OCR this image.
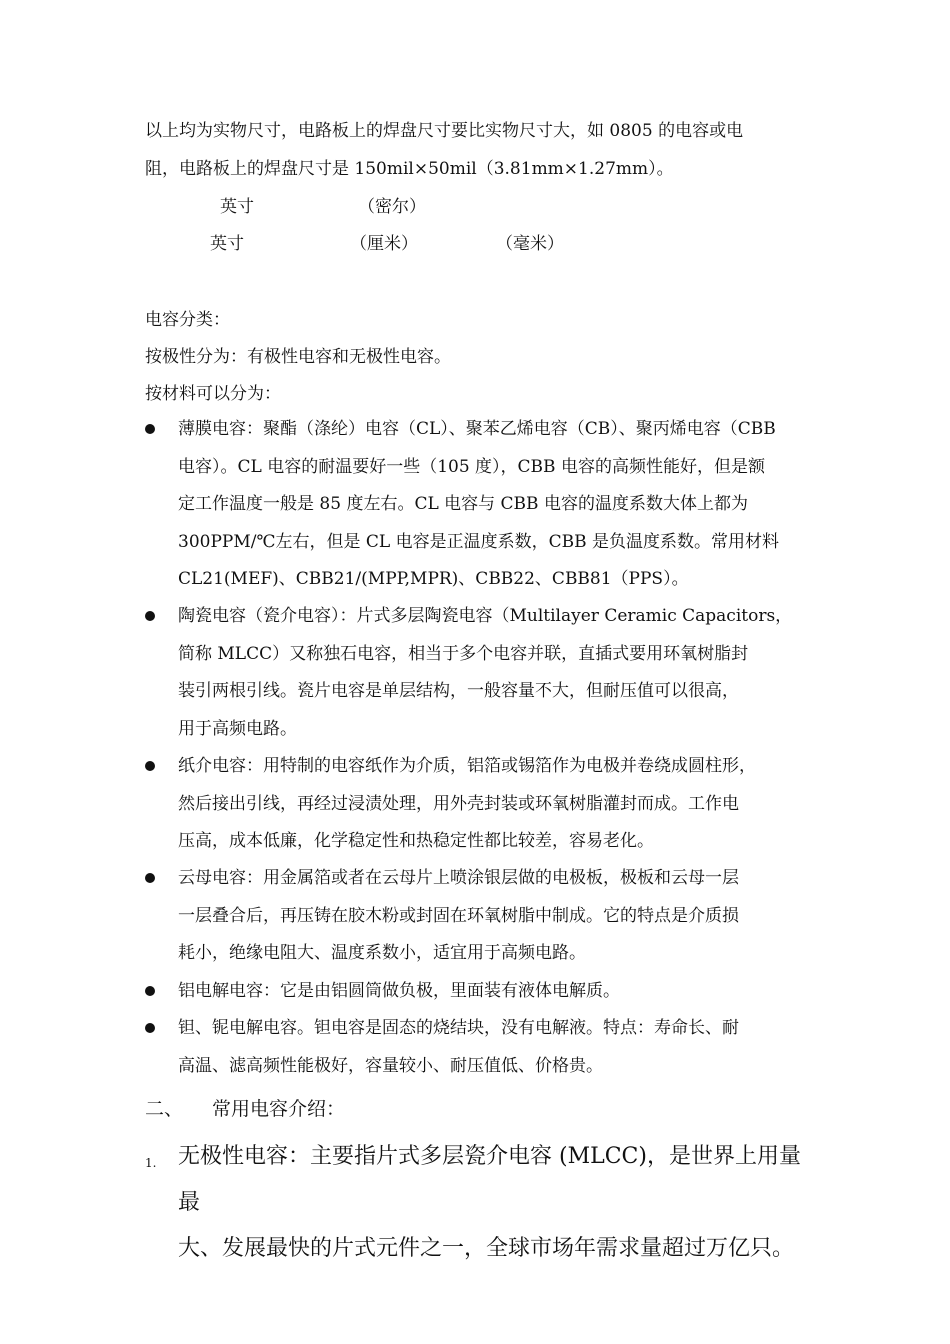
以上均为实物尺寸，电路板上的焊盘尺寸要比实物尺寸大，如 0805 的电容或电
阻，电路板上的焊盘尺寸是 150mil×50mil（3.81mm×1.27mm）。
英寸	（密尔）
英寸	（厘米）	（毫米）
电容分类：
按极性分为：有极性电容和无极性电容。
按材料可以分为：
薄膜电容：聚酯（涤纶）电容（CL）、聚苯乙烯电容（CB）、聚丙烯电容（CBB
电容）。CL 电容的耐温要好一些（105 度），CBB 电容的高频性能好，但是额
定工作温度一般是 85 度左右。CL 电容与 CBB 电容的温度系数大体上都为
300PPM/℃左右，但是 CL 电容是正温度系数，CBB 是负温度系数。常用材料
CL21(MEF)、CBB21/(MPP,MPR)、CBB22、CBB81（PPS）。
陶瓷电容（瓷介电容）：片式多层陶瓷电容（Multilayer Ceramic Capacitors，
简称 MLCC）又称独石电容，相当于多个电容并联，直插式要用环氧树脂封
装引两根引线。瓷片电容是单层结构，一般容量不大，但耐压值可以很高，
用于高频电路。
纸介电容：用特制的电容纸作为介质，铝箔或锡箔作为电极并卷绕成圆柱形，
然后接出引线，再经过浸渍处理，用外壳封装或环氧树脂灌封而成。工作电
压高，成本低廉，化学稳定性和热稳定性都比较差，容易老化。
云母电容：用金属箔或者在云母片上喷涂银层做的电极板，极板和云母一层
一层叠合后，再压铸在胶木粉或封固在环氧树脂中制成。它的特点是介质损
耗小，绝缘电阻大、温度系数小，适宜用于高频电路。
铝电解电容：它是由铝圆筒做负极，里面装有液体电解质。
钽、铌电解电容。钽电容是固态的烧结块，没有电解液。特点：寿命长、耐
高温、滤高频性能极好，容量较小、耐压值低、价格贵。
二、 常用电容介绍：
1. 无极性电容：主要指片式多层瓷介电容 (MLCC)，是世界上用量最
大、发展最快的片式元件之一，全球市场年需求量超过万亿只。
